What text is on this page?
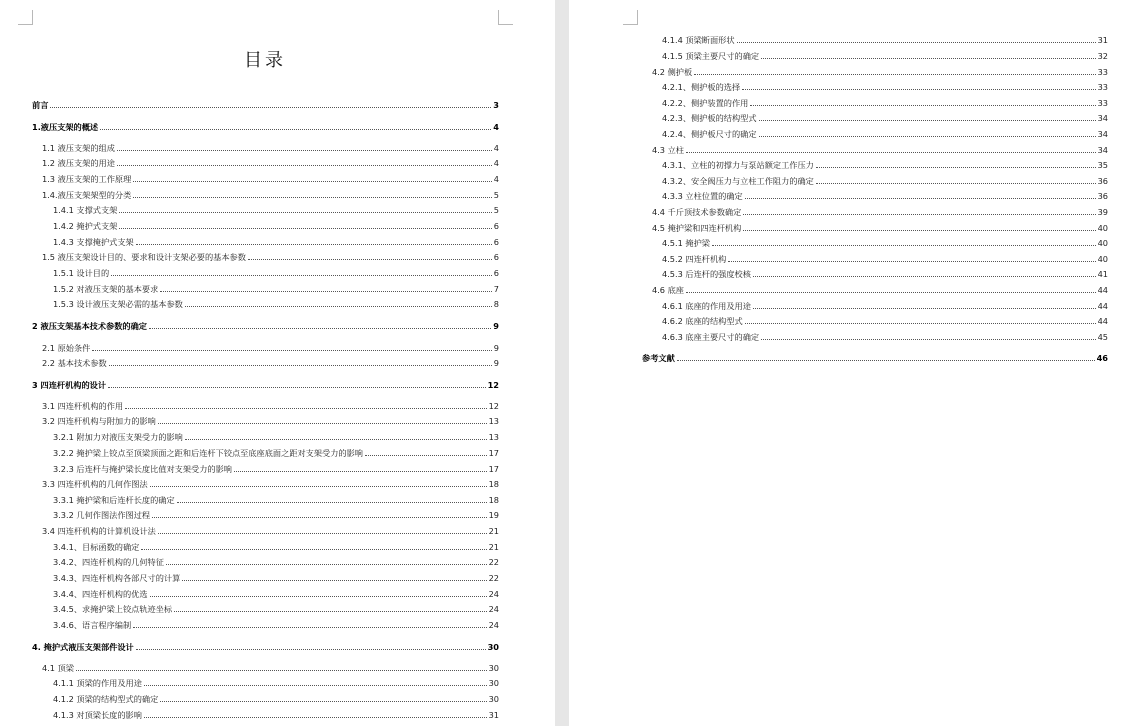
目录
前言	3
1.液压支架的概述	4
1.1 液压支架的组成	4
1.2 液压支架的用途	4
1.3 液压支架的工作原理	4
1.4.液压支架架型的分类	5
1.4.1 支撑式支架	5
1.4.2 掩护式支架	6
1.4.3 支撑掩护式支架	6
1.5 液压支架设计目的、要求和设计支架必要的基本参数	6
1.5.1 设计目的	6
1.5.2 对液压支架的基本要求	7
1.5.3 设计液压支架必需的基本参数	8
2 液压支架基本技术参数的确定	9
2.1 原始条件	9
2.2 基本技术参数	9
3 四连杆机构的设计	12
3.1 四连杆机构的作用	12
3.2 四连杆机构与附加力的影响	13
3.2.1 附加力对液压支架受力的影响	13
3.2.2 掩护梁上铰点至顶梁顶面之距和后连杆下铰点至底座底面之距对支架受力的影响	17
3.2.3 后连杆与掩护梁长度比值对支架受力的影响	17
3.3 四连杆机构的几何作图法	18
3.3.1 掩护梁和后连杆长度的确定	18
3.3.2 几何作图法作图过程	19
3.4 四连杆机构的计算机设计法	21
3.4.1、目标函数的确定	21
3.4.2、四连杆机构的几何特征	22
3.4.3、四连杆机构各部尺寸的计算	22
3.4.4、四连杆机构的优选	24
3.4.5、求掩护梁上铰点轨迹坐标	24
3.4.6、语言程序编制	24
4. 掩护式液压支架部件设计	30
4.1 顶梁	30
4.1.1 顶梁的作用及用途	30
4.1.2 顶梁的结构型式的确定	30
4.1.3 对顶梁长度的影响	31
4.1.4 顶梁断面形状	31
4.1.5 顶梁主要尺寸的确定	32
4.2 侧护板	33
4.2.1、侧护板的选择	33
4.2.2、侧护装置的作用	33
4.2.3、侧护板的结构型式	34
4.2.4、侧护板尺寸的确定	34
4.3 立柱	34
4.3.1、立柱的初撑力与泵站额定工作压力	35
4.3.2、安全阀压力与立柱工作阻力的确定	36
4.3.3 立柱位置的确定	36
4.4 千斤顶技术参数确定	39
4.5 掩护梁和四连杆机构	40
4.5.1 掩护梁	40
4.5.2 四连杆机构	40
4.5.3 后连杆的强度校核	41
4.6 底座	44
4.6.1 底座的作用及用途	44
4.6.2 底座的结构型式	44
4.6.3 底座主要尺寸的确定	45
参考文献	46
